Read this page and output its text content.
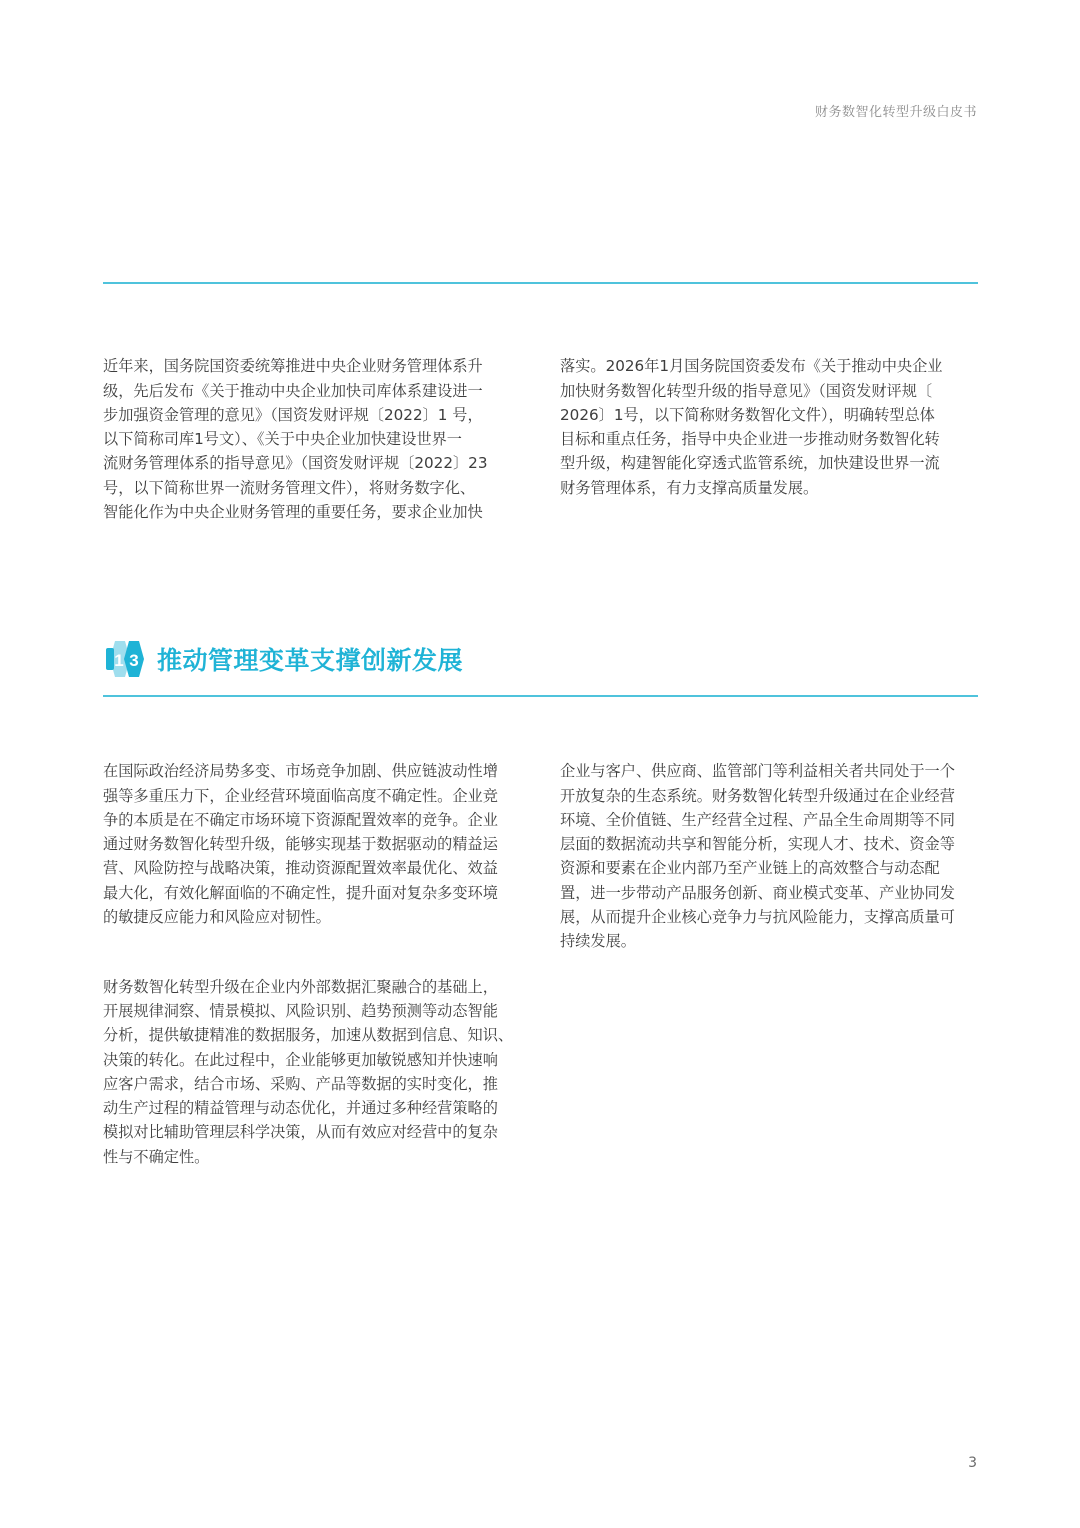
财务数智化转型升级白皮书

近年来，国务院国资委统筹推进中央企业财务管理体系升
级，先后发布《关于推动中央企业加快司库体系建设进一
步加强资金管理的意见》（国资发财评规〔2022〕1 号，
以下简称司库1号文）、《关于中央企业加快建设世界一
流财务管理体系的指导意见》（国资发财评规〔2022〕23
号，以下简称世界一流财务管理文件），将财务数字化、
智能化作为中央企业财务管理的重要任务，要求企业加快

落实。2026年1月国务院国资委发布《关于推动中央企业
加快财务数智化转型升级的指导意见》（国资发财评规〔
2026〕1号，以下简称财务数智化文件），明确转型总体
目标和重点任务，指导中央企业进一步推动财务数智化转
型升级，构建智能化穿透式监管系统，加快建设世界一流
财务管理体系，有力支撑高质量发展。

1 3 推动管理变革支撑创新发展

在国际政治经济局势多变、市场竞争加剧、供应链波动性增
强等多重压力下，企业经营环境面临高度不确定性。企业竞
争的本质是在不确定市场环境下资源配置效率的竞争。企业
通过财务数智化转型升级，能够实现基于数据驱动的精益运
营、风险防控与战略决策，推动资源配置效率最优化、效益
最大化，有效化解面临的不确定性，提升面对复杂多变环境
的敏捷反应能力和风险应对韧性。

财务数智化转型升级在企业内外部数据汇聚融合的基础上，
开展规律洞察、情景模拟、风险识别、趋势预测等动态智能
分析，提供敏捷精准的数据服务，加速从数据到信息、知识、
决策的转化。在此过程中，企业能够更加敏锐感知并快速响
应客户需求，结合市场、采购、产品等数据的实时变化，推
动生产过程的精益管理与动态优化，并通过多种经营策略的
模拟对比辅助管理层科学决策，从而有效应对经营中的复杂
性与不确定性。

企业与客户、供应商、监管部门等利益相关者共同处于一个
开放复杂的生态系统。财务数智化转型升级通过在企业经营
环境、全价值链、生产经营全过程、产品全生命周期等不同
层面的数据流动共享和智能分析，实现人才、技术、资金等
资源和要素在企业内部乃至产业链上的高效整合与动态配
置，进一步带动产品服务创新、商业模式变革、产业协同发
展，从而提升企业核心竞争力与抗风险能力，支撑高质量可
持续发展。

3
